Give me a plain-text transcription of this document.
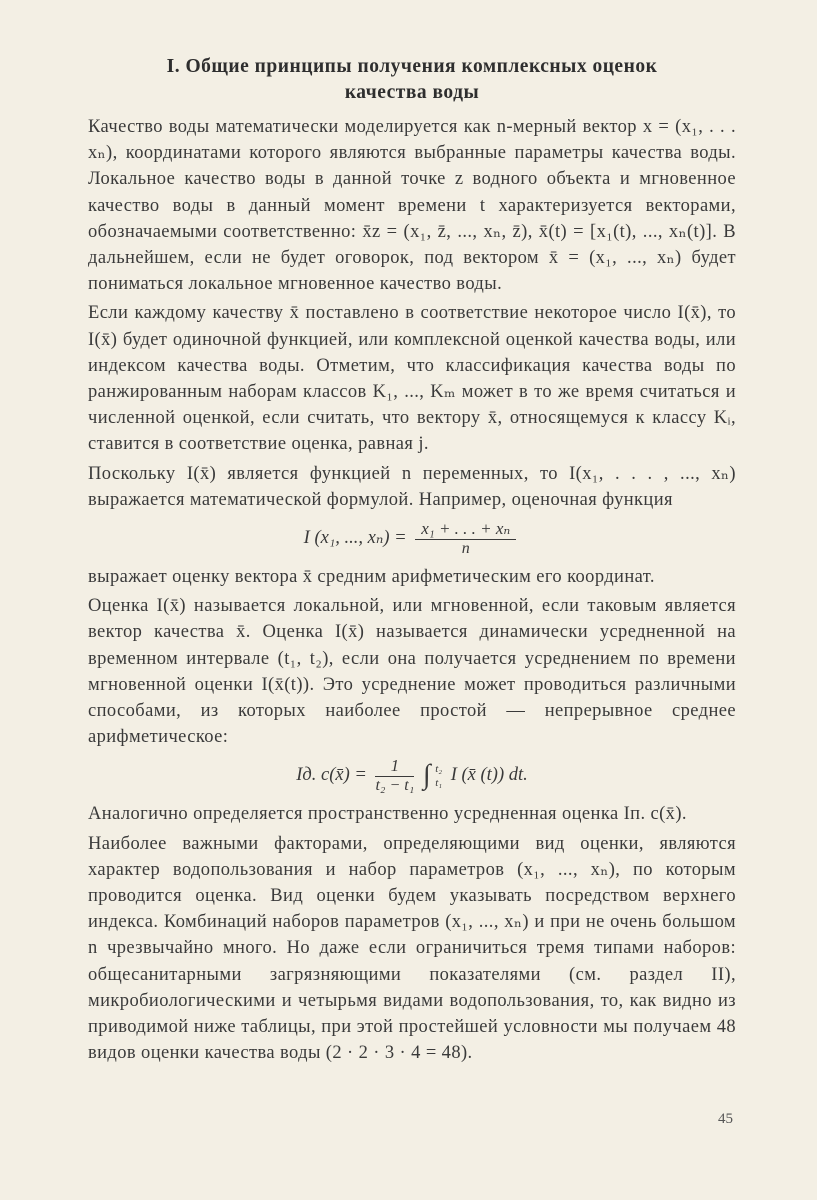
I. Общие принципы получения комплексных оценок
качества воды

Качество воды математически моделируется как n-мерный вектор x = (x₁, . . . xₙ), координатами которого являются выбранные параметры качества воды. Локальное качество воды в данной точке z водного объекта и мгновенное качество воды в данный момент времени t характеризуется векторами, обозначаемыми соответственно: x̄z = (x₁, z̄, ..., xₙ, z̄), x̄(t) = [x₁(t), ..., xₙ(t)]. В дальнейшем, если не будет оговорок, под вектором x̄ = (x₁, ..., xₙ) будет пониматься локальное мгновенное качество воды.

Если каждому качеству x̄ поставлено в соответствие некоторое число I(x̄), то I(x̄) будет одиночной функцией, или комплексной оценкой качества воды, или индексом качества воды. Отметим, что классификация качества воды по ранжированным наборам классов K₁, ..., Kₘ может в то же время считаться и численной оценкой, если считать, что вектору x̄, относящемуся к классу Kᵢ, ставится в соответствие оценка, равная j.

Поскольку I(x̄) является функцией n переменных, то I(x₁, . . . , ..., xₙ) выражается математической формулой. Например, оценочная функция

I (x₁, ..., $x_n) = \frac{\text{x₁ + . . . + xₙ}}{n}$

выражает оценку вектора x̄ средним арифметическим его координат.

Оценка I(x̄) называется локальной, или мгновенной, если таковым является вектор качества x̄. Оценка I(x̄) называется динамически усредненной на временном интервале (t₁, t₂), если она получается усреднением по времени мгновенной оценки I(x̄(t)). Это усреднение может проводиться различными способами, из которых наиболее простой — непрерывное среднее арифметическое:

Iд. с(x̄) = $\frac{1}{\text{t₂ − t₁}}$ ∫ t₂
t₁ I (x̄ (t)) dt.

Аналогично определяется пространственно усредненная оценка Iп. с(x̄).

Наиболее важными факторами, определяющими вид оценки, являются характер водопользования и набор параметров (x₁, ..., xₙ), по которым проводится оценка. Вид оценки будем указывать посредством верхнего индекса. Комбинаций наборов параметров (x₁, ..., xₙ) и при не очень большом n чрезвычайно много. Но даже если ограничиться тремя типами наборов: общесанитарными загрязняющими показателями (см. раздел II), микробиологическими и четырьмя видами водопользования, то, как видно из приводимой ниже таблицы, при этой простейшей условности мы получаем 48 видов оценки качества воды (2 · 2 · 3 · 4 = 48).

45
